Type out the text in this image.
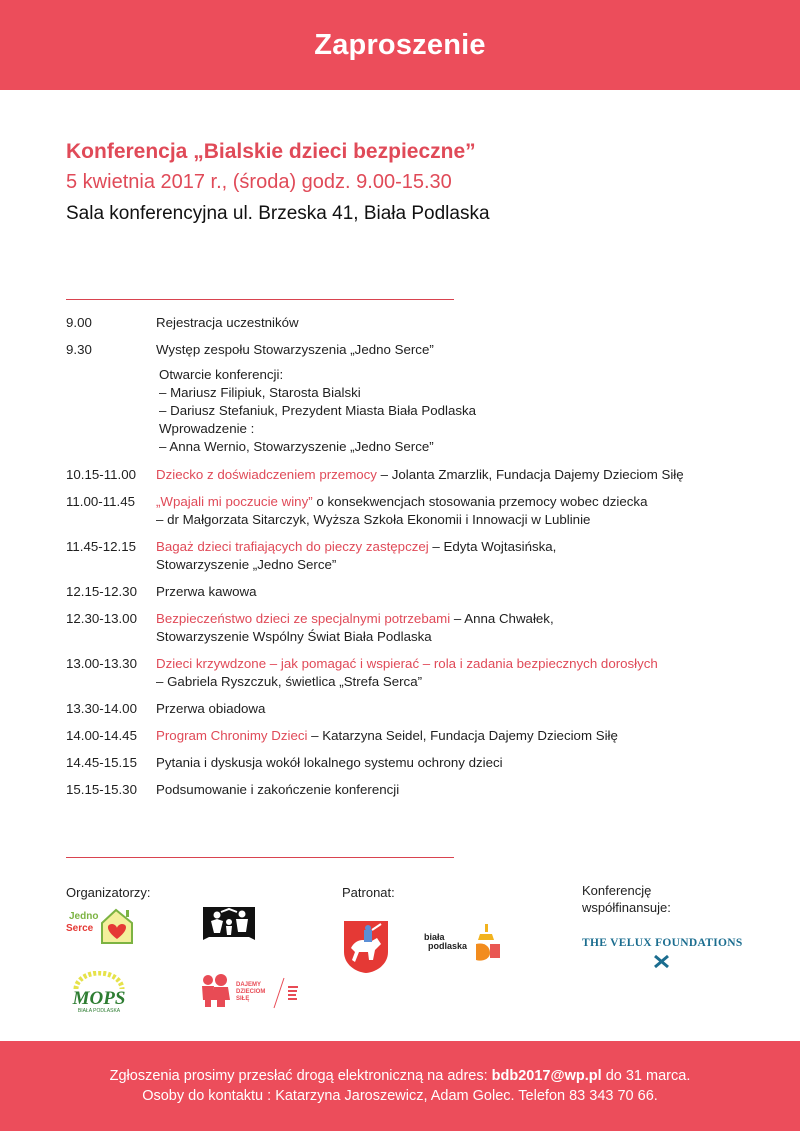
Zaproszenie
Konferencja „Bialskie dzieci bezpieczne”
5 kwietnia 2017 r., (środa) godz. 9.00-15.30
Sala konferencyjna ul. Brzeska 41, Biała Podlaska
9.00	Rejestracja uczestników
9.30	Występ zespołu Stowarzyszenia „Jedno Serce”
Otwarcie konferencji:
– Mariusz Filipiuk, Starosta Bialski
– Dariusz Stefaniuk, Prezydent Miasta Biała Podlaska
Wprowadzenie :
– Anna Wernio, Stowarzyszenie „Jedno Serce”
10.15-11.00	Dziecko z doświadczeniem przemocy – Jolanta Zmarzlik, Fundacja Dajemy Dzieciom Siłę
11.00-11.45	„Wpajali mi poczucie winy” o konsekwencjach stosowania przemocy wobec dziecka
– dr Małgorzata Sitarczyk, Wyższa Szkoła Ekonomii i Innowacji w Lublinie
11.45-12.15	Bagaż dzieci trafiających do pieczy zastępczej – Edyta Wojtasińska,
Stowarzyszenie „Jedno Serce”
12.15-12.30	Przerwa kawowa
12.30-13.00	Bezpieczeństwo dzieci ze specjalnymi potrzebami – Anna Chwałek,
Stowarzyszenie Wspólny Świat Biała Podlaska
13.00-13.30	Dzieci krzywdzone – jak pomagać i wspierać – rola i zadania bezpiecznych dorosłych
– Gabriela Ryszczuk, świetlica „Strefa Serca”
13.30-14.00	Przerwa obiadowa
14.00-14.45	Program Chronimy Dzieci – Katarzyna Seidel, Fundacja Dajemy Dzieciom Siłę
14.45-15.15	Pytania i dyskusja wokół lokalnego systemu ochrony dzieci
15.15-15.30	Podsumowanie i zakończenie konferencji
Organizatorzy:	Patronat:	Konferencję
współfinansuje:
Jedno
Serce
MOPS
BIAŁA PODLASKA
DAJEMY
DZIECIOM
SIŁĘ
biała
podlaska	THE VELUX FOUNDATIONS
Zgłoszenia prosimy przesłać drogą elektroniczną na adres: bdb2017@wp.pl do 31 marca.
Osoby do kontaktu : Katarzyna Jaroszewicz, Adam Golec. Telefon 83 343 70 66.
